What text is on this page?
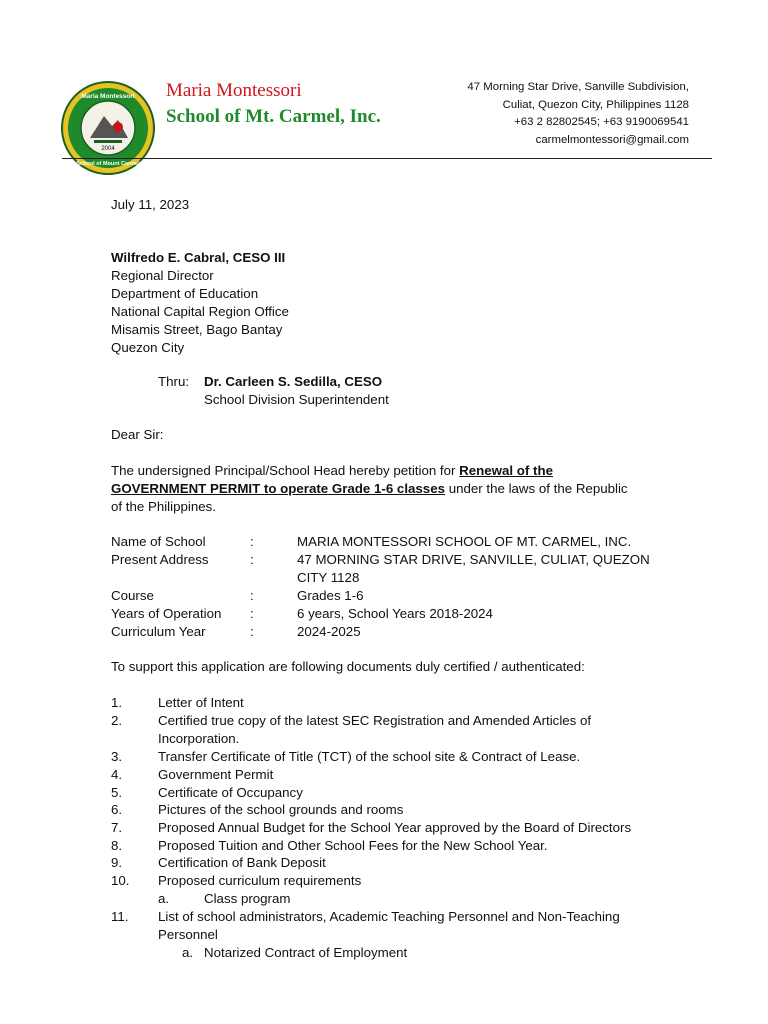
2004
Maria Montessori
School of Mount Carmel
Maria Montessori
School of Mt. Carmel, Inc.
47 Morning Star Drive, Sanville Subdivision,
Culiat, Quezon City, Philippines 1128
+63 2 82802545; +63 9190069541
carmelmontessori@gmail.com
July 11, 2023
Wilfredo E. Cabral, CESO III
Regional Director
Department of Education
National Capital Region Office
Misamis Street, Bago Bantay
Quezon City
Thru: Dr. Carleen S. Sedilla, CESO
School Division Superintendent
Dear Sir:
The undersigned Principal/School Head hereby petition for Renewal of the
GOVERNMENT PERMIT to operate Grade 1-6 classes under the laws of the Republic
of the Philippines.
Name of School	:	MARIA MONTESSORI SCHOOL OF MT. CARMEL, INC.
Present Address	:	47 MORNING STAR DRIVE, SANVILLE, CULIAT, QUEZON
CITY 1128
Course	:	Grades 1-6
Years of Operation :	6 years, School Years 2018-2024
Curriculum Year	:	2024-2025
To support this application are following documents duly certified / authenticated:
1.	Letter of Intent
2.	Certified true copy of the latest SEC Registration and Amended Articles of
Incorporation.
3.	Transfer Certificate of Title (TCT) of the school site & Contract of Lease.
4.	Government Permit
5.	Certificate of Occupancy
6.	Pictures of the school grounds and rooms
7.	Proposed Annual Budget for the School Year approved by the Board of Directors
8.	Proposed Tuition and Other School Fees for the New School Year.
9.	Certification of Bank Deposit
10. Proposed curriculum requirements
a.	Class program
11. List of school administrators, Academic Teaching Personnel and Non-Teaching
Personnel
a. Notarized Contract of Employment
